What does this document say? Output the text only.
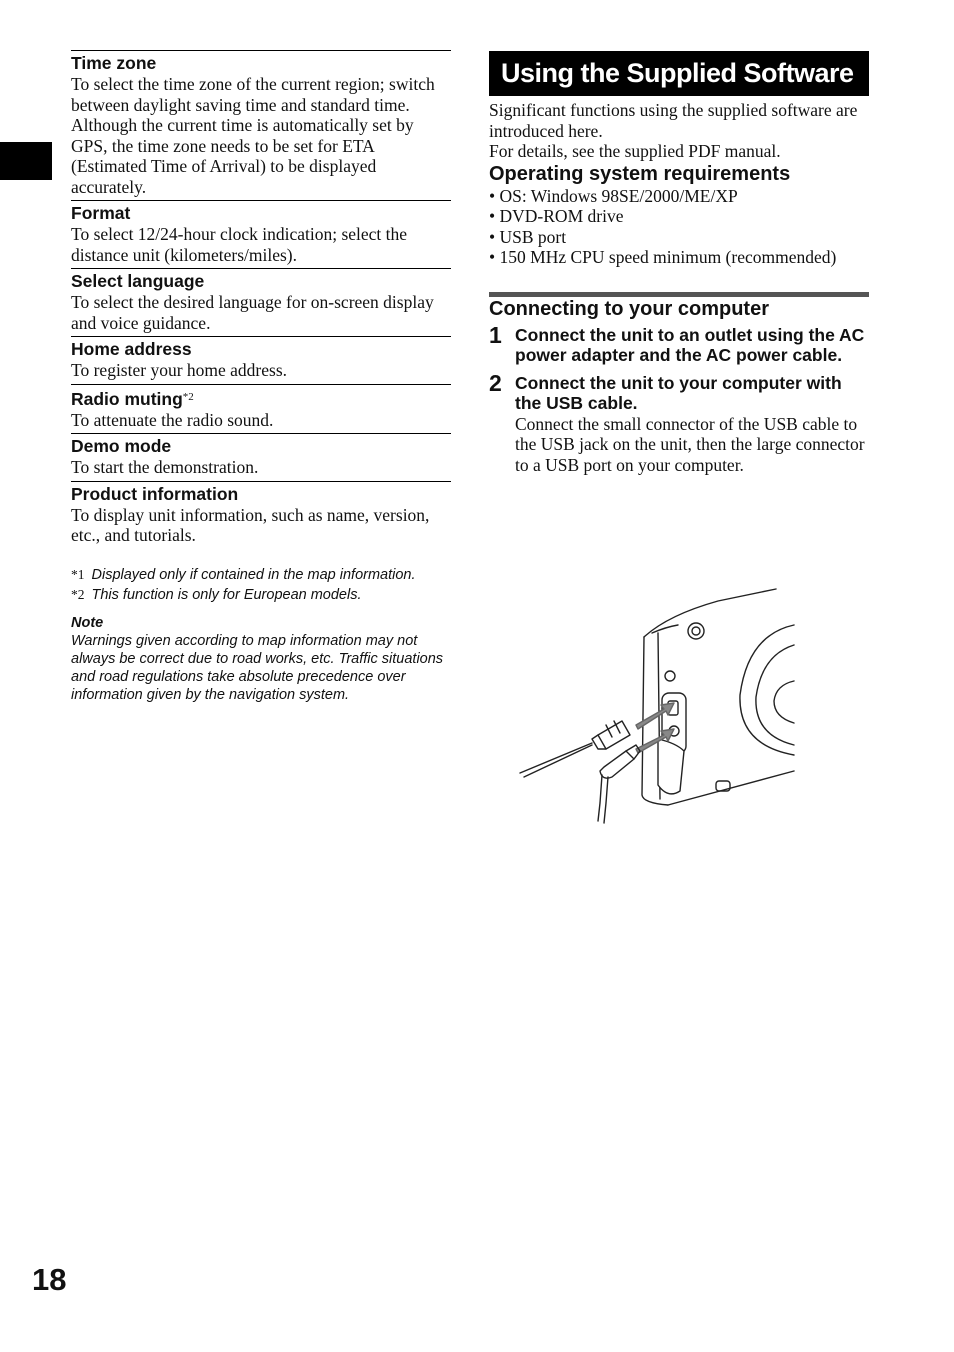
Time zone

To select the time zone of the current region; switch between daylight saving time and standard time.
Although the current time is automatically set by GPS, the time zone needs to be set for ETA (Estimated Time of Arrival) to be displayed accurately.

Format

To select 12/24-hour clock indication; select the distance unit (kilometers/miles).

Select language

To select the desired language for on-screen display and voice guidance.

Home address

To register your home address.

Radio muting$^{*2}$

To attenuate the radio sound.

Demo mode

To start the demonstration.

Product information

To display unit information, such as name, version, etc., and tutorials.

*1 Displayed only if contained in the map information.
*2 This function is only for European models.
Note

Warnings given according to map information may not always be correct due to road works, etc. Traffic situations and road regulations take absolute precedence over information given by the navigation system.

Using the Supplied Software

Significant functions using the supplied software are introduced here.
For details, see the supplied PDF manual.

Operating system requirements
• OS: Windows 98SE/2000/ME/XP
• DVD-ROM drive
• USB port
• 150 MHz CPU speed minimum (recommended)
Connecting to your computer
1 Connect the unit to an outlet using the AC power adapter and the AC power cable.
2 Connect the unit to your computer with the USB cable.

Connect the small connector of the USB cable to the USB jack on the unit, then the large connector to a USB port on your computer.

18
